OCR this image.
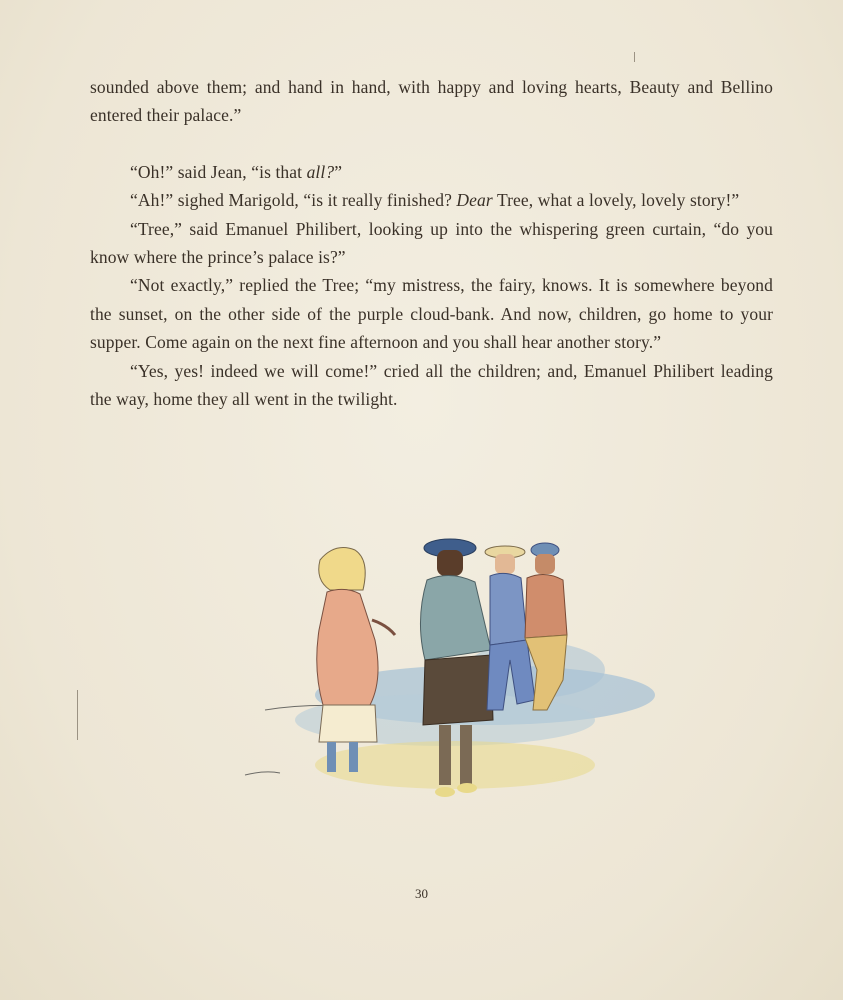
sounded above them; and hand in hand, with happy and loving hearts, Beauty and Bellino entered their palace.”

“Oh!” said Jean, “is that all?”

“Ah!” sighed Marigold, “is it really finished? Dear Tree, what a lovely, lovely story!”

“Tree,” said Emanuel Philibert, looking up into the whispering green curtain, “do you know where the prince’s palace is?”

“Not exactly,” replied the Tree; “my mistress, the fairy, knows. It is somewhere beyond the sunset, on the other side of the purple cloud-bank. And now, children, go home to your supper. Come again on the next fine afternoon and you shall hear another story.”

“Yes, yes! indeed we will come!” cried all the children; and, Emanuel Philibert leading the way, home they all went in the twilight.

30
